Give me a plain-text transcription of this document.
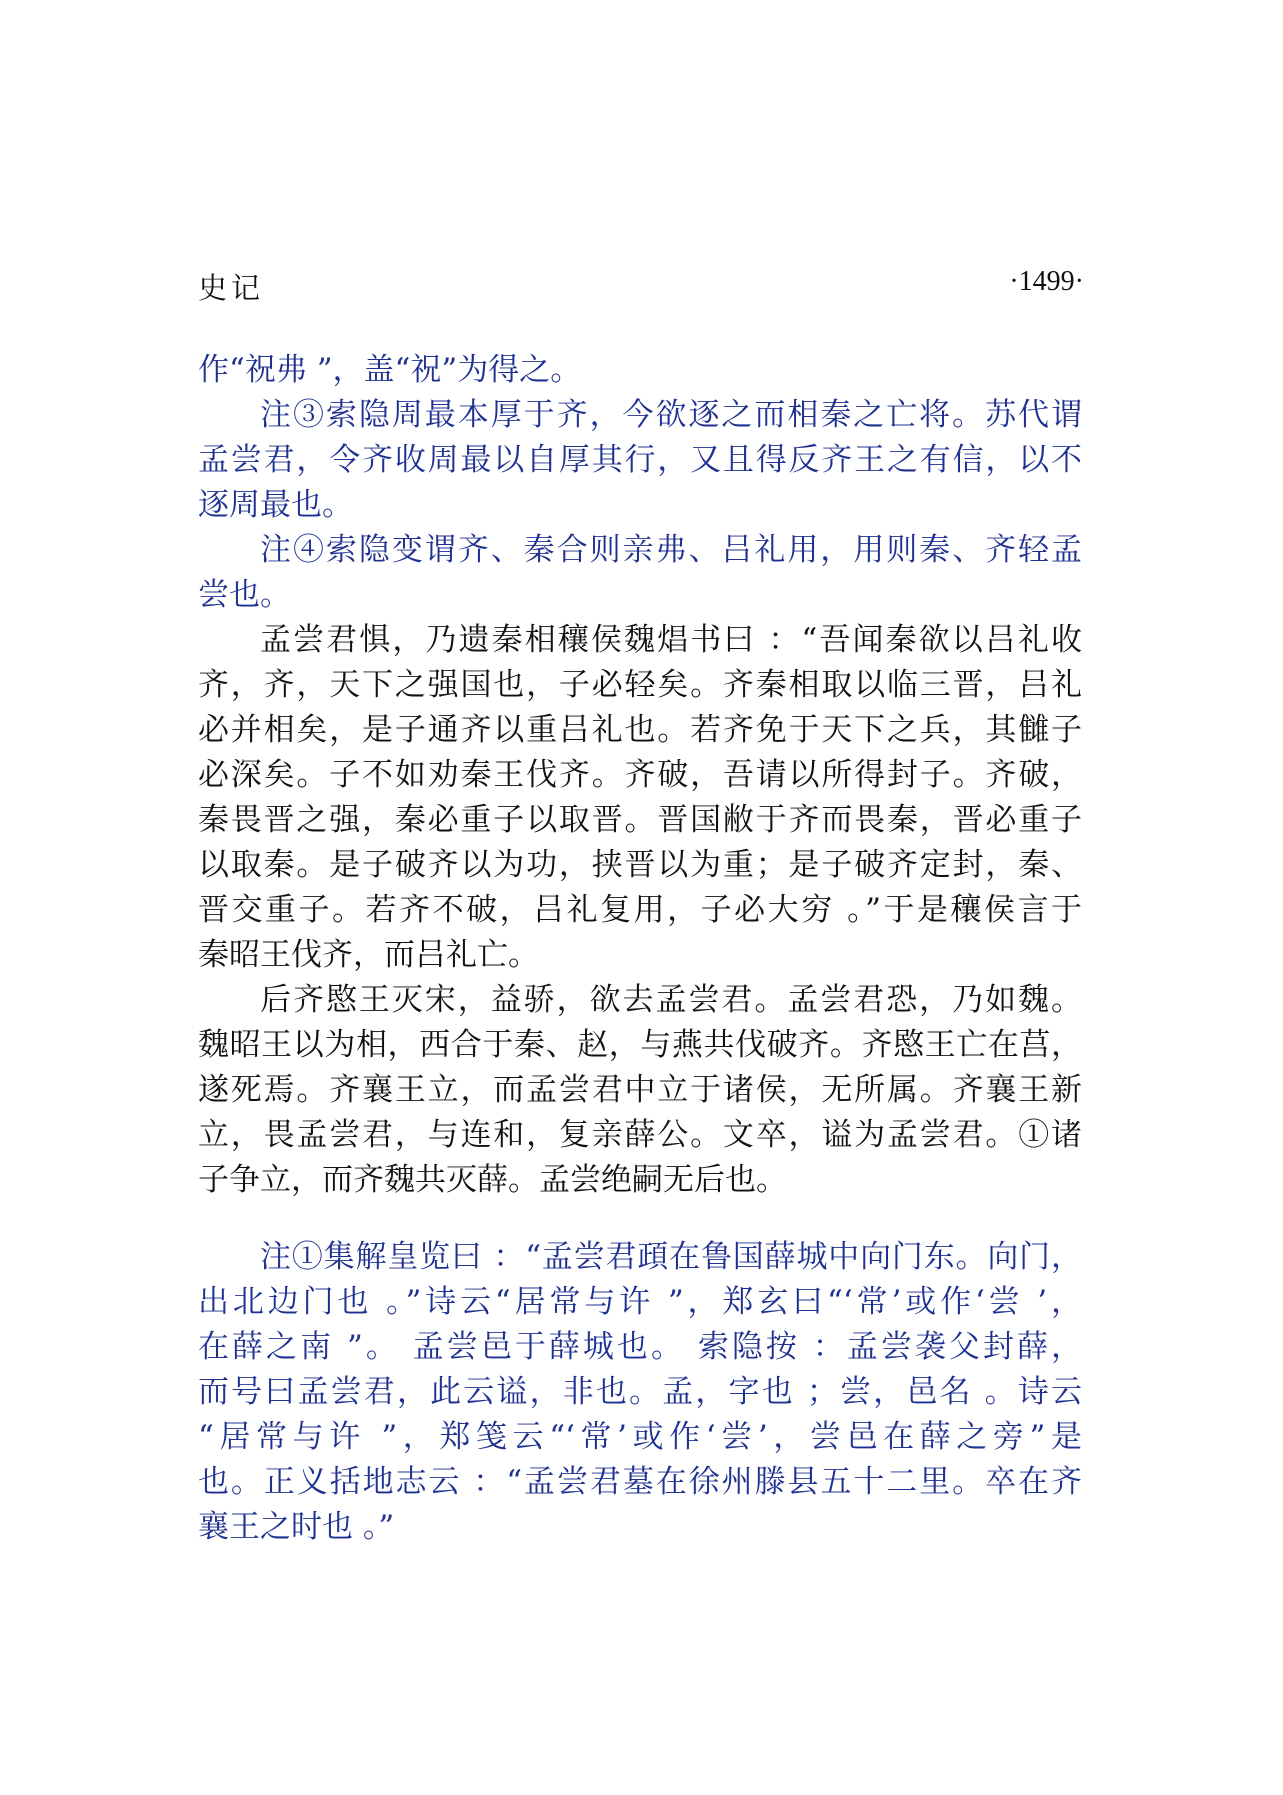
史记	·1499·
作“祝弗 ”，盖“祝”为得之。
注③索隐周最本厚于齐，今欲逐之而相秦之亡将。苏代谓
孟尝君，令齐收周最以自厚其行，又且得反齐王之有信，以不
逐周最也。
注④索隐变谓齐、秦合则亲弗、吕礼用，用则秦、齐轻孟
尝也。
孟尝君惧，乃遗秦相穰侯魏焻书曰 ：“吾闻秦欲以吕礼收
齐，齐，天下之强国也，子必轻矣。齐秦相取以临三晋，吕礼
必并相矣，是子通齐以重吕礼也。若齐免于天下之兵，其雠子
必深矣。子不如劝秦王伐齐。齐破，吾请以所得封子。齐破，
秦畏晋之强，秦必重子以取晋。晋国敝于齐而畏秦，晋必重子
以取秦。是子破齐以为功，挟晋以为重；是子破齐定封，秦、
晋交重子。若齐不破，吕礼复用，子必大穷 。”于是穰侯言于
秦昭王伐齐，而吕礼亡。
后齐愍王灭宋，益骄，欲去孟尝君。孟尝君恐，乃如魏。
魏昭王以为相，西合于秦、赵，与燕共伐破齐。齐愍王亡在莒，
遂死焉。齐襄王立，而孟尝君中立于诸侯，无所属。齐襄王新
立，畏孟尝君，与连和，复亲薛公。文卒，谥为孟尝君。①诸
子争立，而齐魏共灭薛。孟尝绝嗣无后也。
注①集解皇览曰 ：“孟尝君頙在鲁国薛城中向门东。向门，
出北边门也 。”诗云“居常与许 ”，郑玄曰“‘常’或作‘尝 ’，
在薛之南 ”。 孟尝邑于薛城也。 索隐按 ：孟尝袭父封薛，
而号曰孟尝君，此云谥，非也。孟，字也 ；尝，邑名 。诗云
“居常与许 ”，郑笺云“‘常’或作‘尝’，尝邑在薛之旁”是
也。正义括地志云 ：“孟尝君墓在徐州滕县五十二里。卒在齐
襄王之时也 。”
